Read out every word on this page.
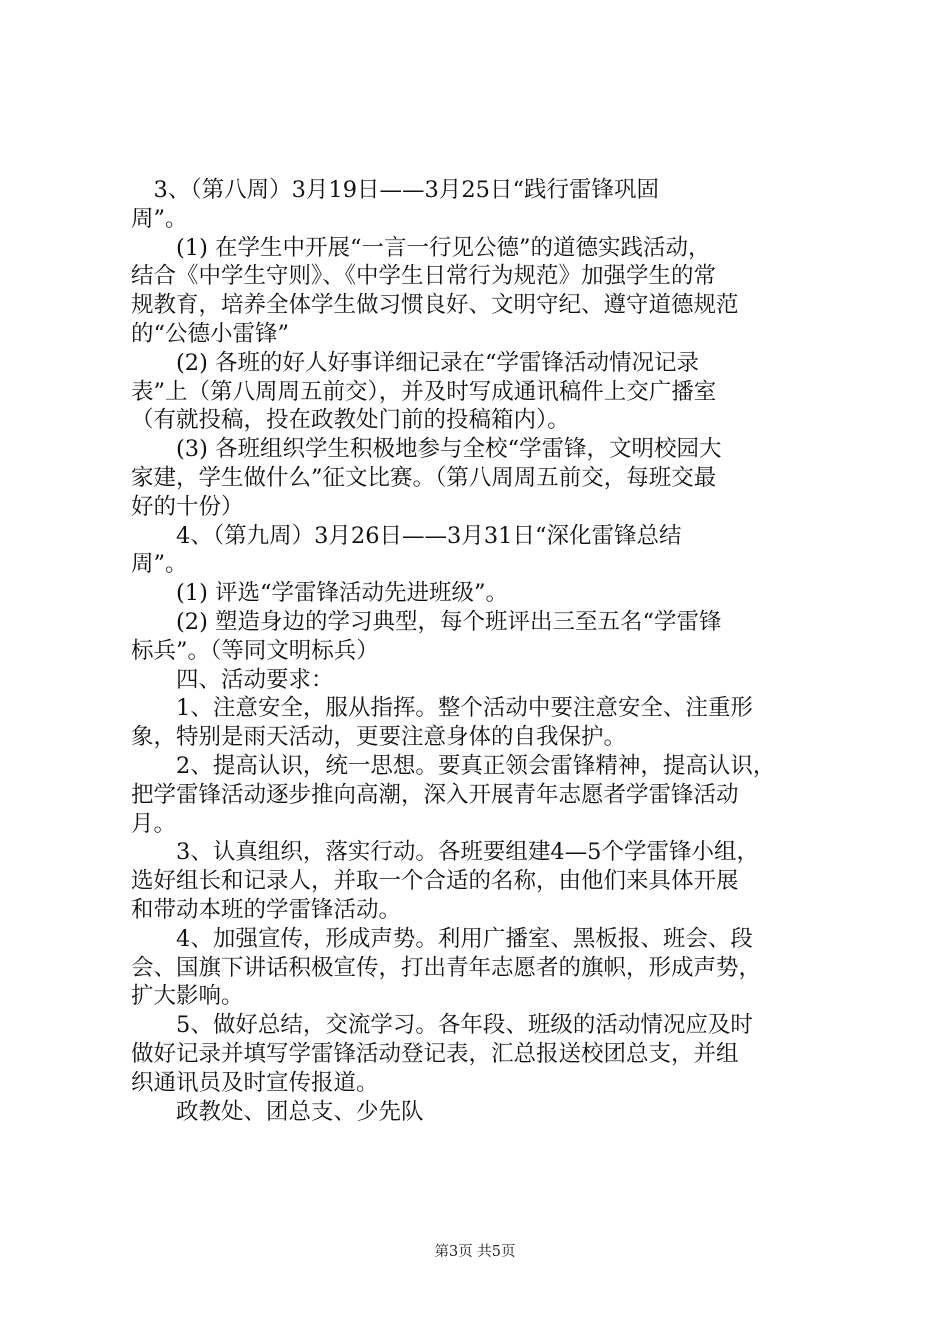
　3、（第八周）3月19日——3月25日“践行雷锋巩固
周”。
　　(1) 在学生中开展“一言一行见公德”的道德实践活动，
结合《中学生守则》、《中学生日常行为规范》加强学生的常
规教育，培养全体学生做习惯良好、文明守纪、遵守道德规范
的“公德小雷锋”
　　(2) 各班的好人好事详细记录在“学雷锋活动情况记录
表”上（第八周周五前交），并及时写成通讯稿件上交广播室
（有就投稿，投在政教处门前的投稿箱内）。
　　(3) 各班组织学生积极地参与全校“学雷锋，文明校园大
家建，学生做什么”征文比赛。（第八周周五前交，每班交最
好的十份）
　　4、（第九周）3月26日——3月31日“深化雷锋总结
周”。
　　(1) 评选“学雷锋活动先进班级”。
　　(2) 塑造身边的学习典型，每个班评出三至五名“学雷锋
标兵”。（等同文明标兵）
　　四、活动要求：
　　1、注意安全，服从指挥。整个活动中要注意安全、注重形
象，特别是雨天活动，更要注意身体的自我保护。
　　2、提高认识，统一思想。要真正领会雷锋精神，提高认识，
把学雷锋活动逐步推向高潮，深入开展青年志愿者学雷锋活动
月。
　　3、认真组织，落实行动。各班要组建4—5个学雷锋小组，
选好组长和记录人，并取一个合适的名称，由他们来具体开展
和带动本班的学雷锋活动。
　　4、加强宣传，形成声势。利用广播室、黑板报、班会、段
会、国旗下讲话积极宣传，打出青年志愿者的旗帜，形成声势，
扩大影响。
　　5、做好总结，交流学习。各年段、班级的活动情况应及时
做好记录并填写学雷锋活动登记表，汇总报送校团总支，并组
织通讯员及时宣传报道。
　　政教处、团总支、少先队
第3页 共5页
